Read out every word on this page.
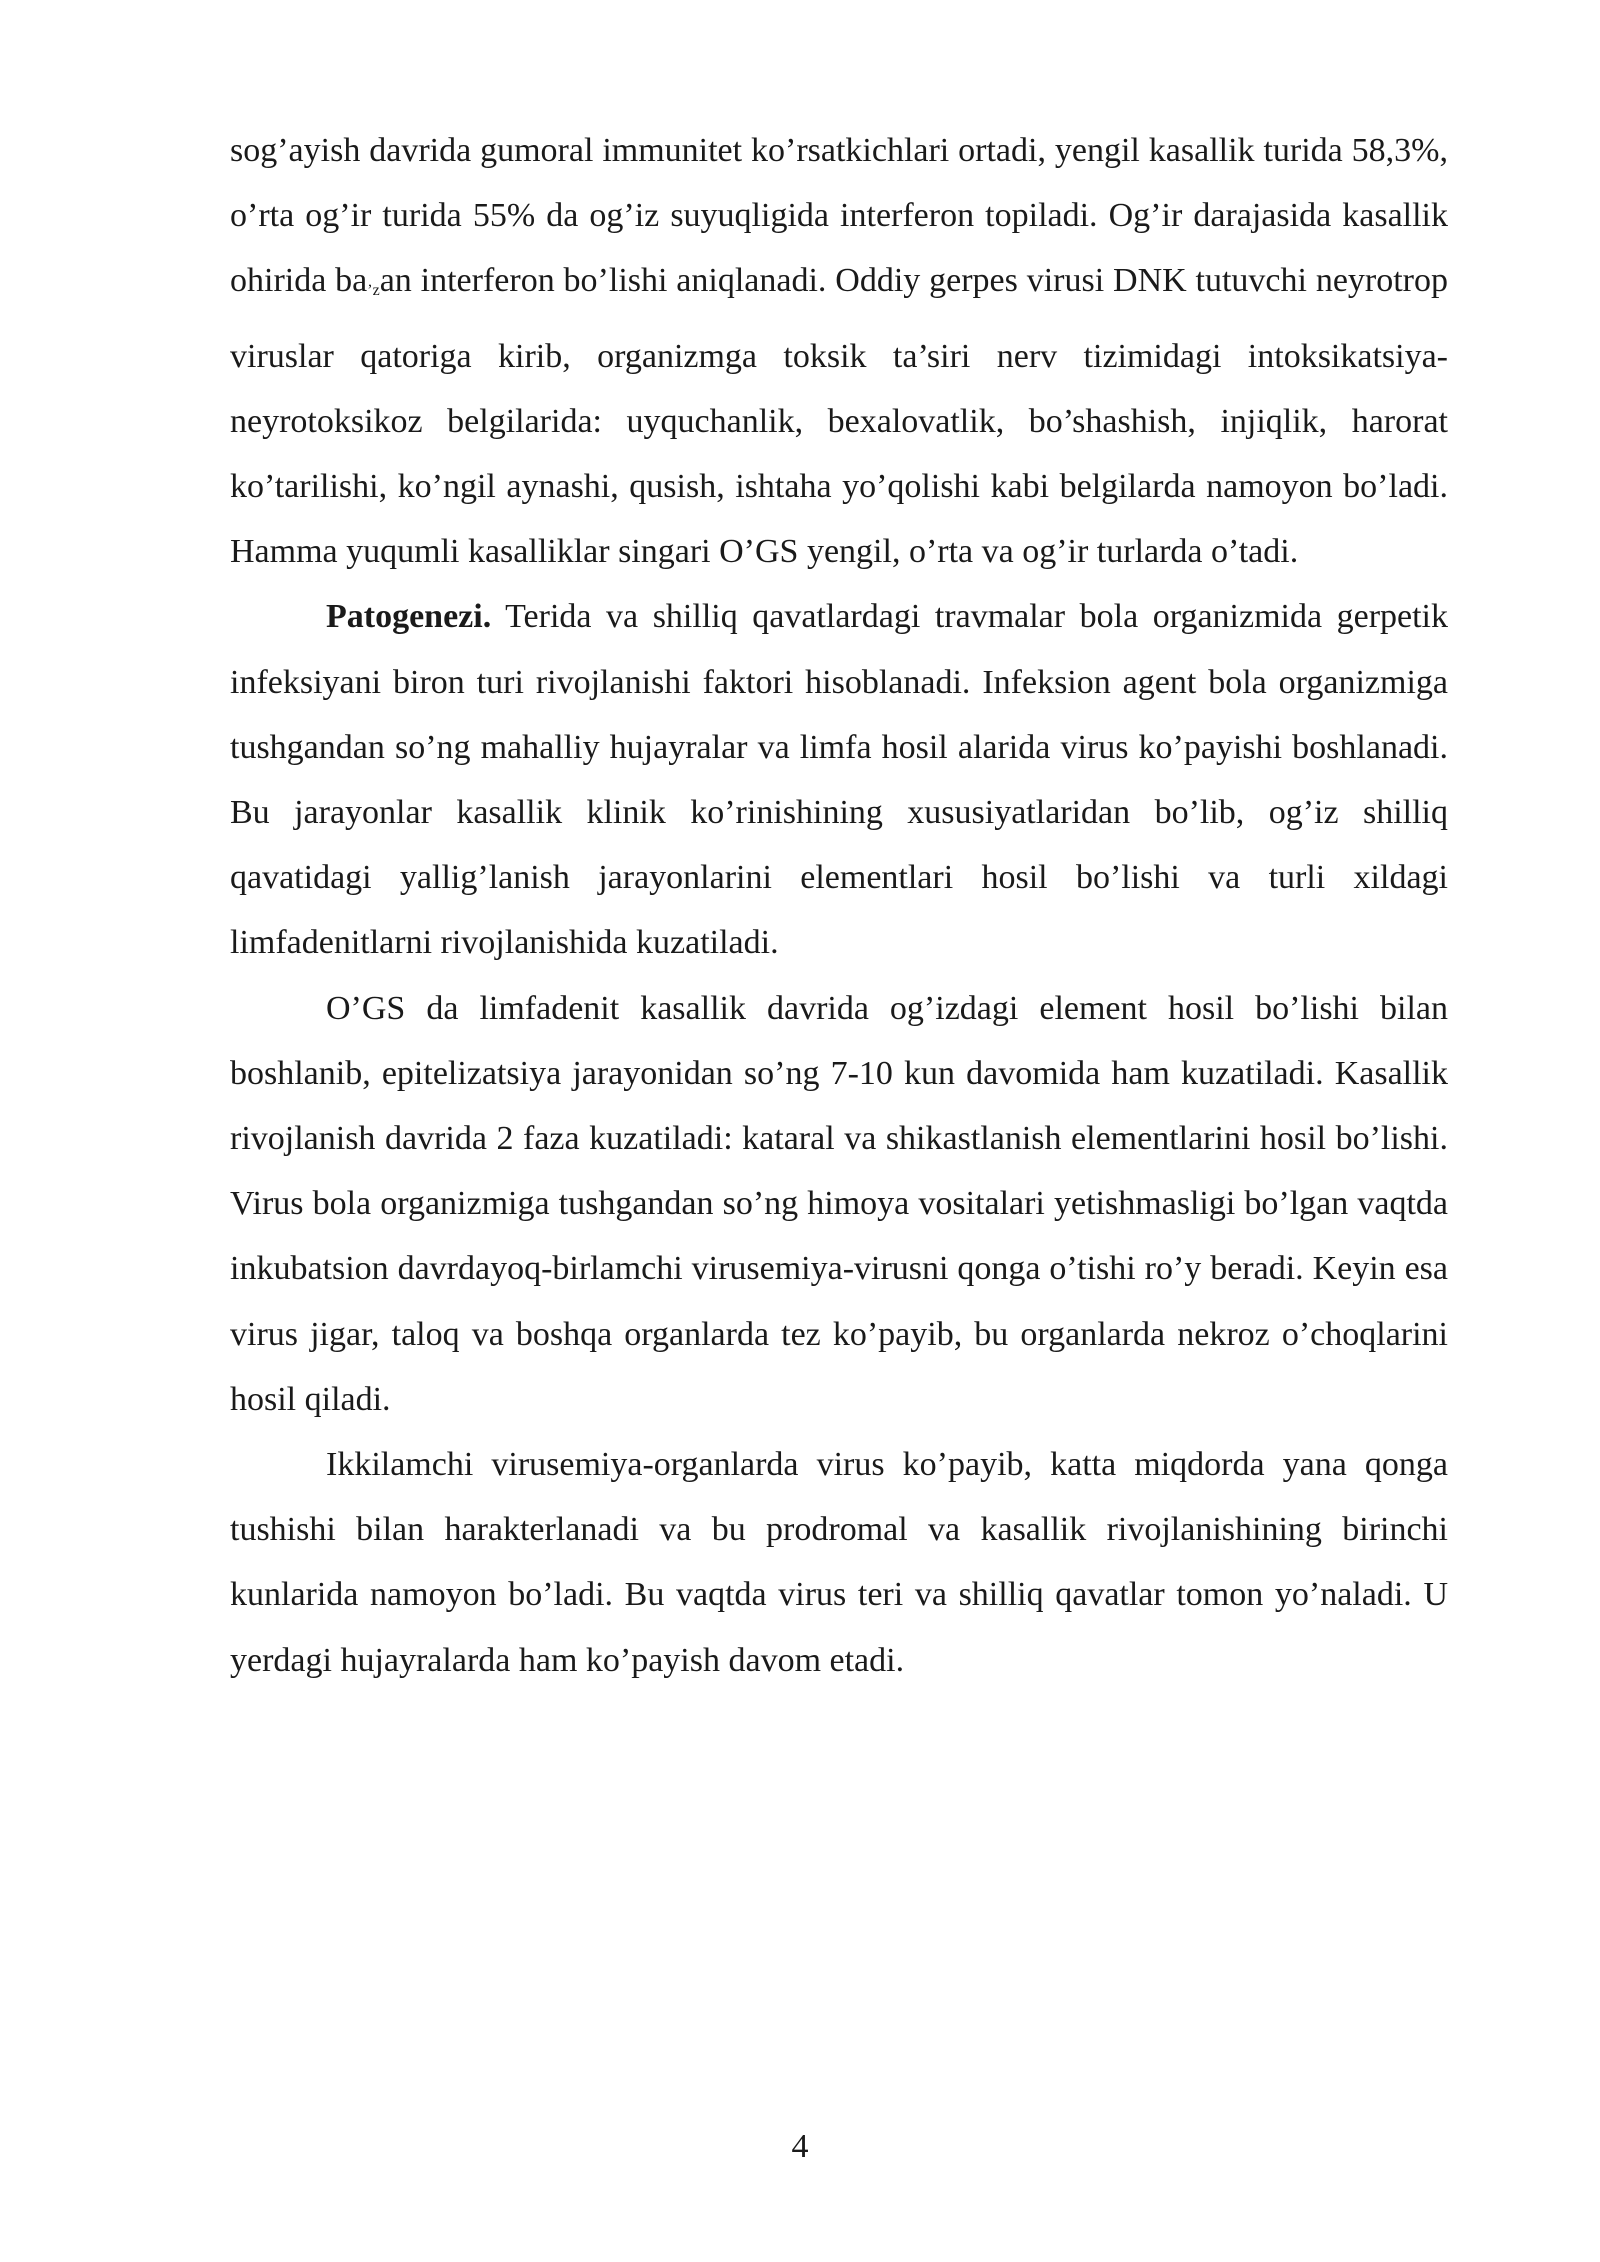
sog’ayish davrida gumoral immunitet ko’rsatkichlari ortadi, yengil kasallik turida 58,3%, o’rta og’ir turida 55% da og’iz suyuqligida interferon topiladi. Og’ir darajasida kasallik ohirida $ba_{’z}an$ interferon bo’lishi aniqlanadi. Oddiy gerpes virusi DNK tutuvchi neyrotrop viruslar qatoriga kirib, organizmga toksik ta’siri nerv tizimidagi intoksikatsiya-neyrotoksikoz belgilarida: uyquchanlik, bexalovatlik, bo’shashish, injiqlik, harorat ko’tarilishi, ko’ngil aynashi, qusish, ishtaha yo’qolishi kabi belgilarda namoyon bo’ladi. Hamma yuqumli kasalliklar singari O’GS yengil, o’rta va og’ir turlarda o’tadi.

Patogenezi. Terida va shilliq qavatlardagi travmalar bola organizmida gerpetik infeksiyani biron turi rivojlanishi faktori hisoblanadi. Infeksion agent bola organizmiga tushgandan so’ng mahalliy hujayralar va limfa hosil alarida virus ko’payishi boshlanadi. Bu jarayonlar kasallik klinik ko’rinishining xususiyatlaridan bo’lib, og’iz shilliq qavatidagi yallig’lanish jarayonlarini elementlari hosil bo’lishi va turli xildagi limfadenitlarni rivojlanishida kuzatiladi.

O’GS da limfadenit kasallik davrida og’izdagi element hosil bo’lishi bilan boshlanib, epitelizatsiya jarayonidan so’ng 7-10 kun davomida ham kuzatiladi. Kasallik rivojlanish davrida 2 faza kuzatiladi: kataral va shikastlanish elementlarini hosil bo’lishi. Virus bola organizmiga tushgandan so’ng himoya vositalari yetishmasligi bo’lgan vaqtda inkubatsion davrdayoq-birlamchi virusemiya-virusni qonga o’tishi ro’y beradi. Keyin esa virus jigar, taloq va boshqa organlarda tez ko’payib, bu organlarda nekroz o’choqlarini hosil qiladi.

Ikkilamchi virusemiya-organlarda virus ko’payib, katta miqdorda yana qonga tushishi bilan harakterlanadi va bu prodromal va kasallik rivojlanishining birinchi kunlarida namoyon bo’ladi. Bu vaqtda virus teri va shilliq qavatlar tomon yo’naladi. U yerdagi hujayralarda ham ko’payish davom etadi.

4
